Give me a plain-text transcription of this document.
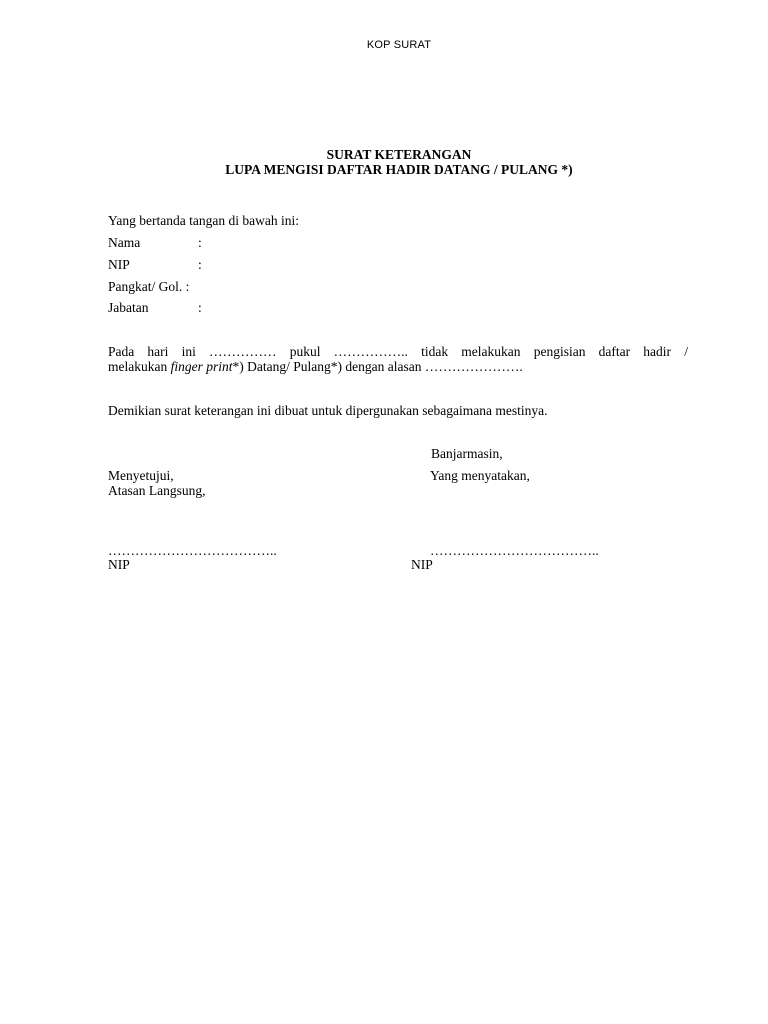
KOP SURAT
SURAT KETERANGAN
LUPA MENGISI DAFTAR HADIR DATANG / PULANG *)
Yang bertanda tangan di bawah ini:
Nama	:
NIP	:
Pangkat/ Gol. :
Jabatan	:
Pada hari ini …………… pukul …………….. tidak melakukan pengisian daftar hadir /
melakukan finger print*) Datang/ Pulang*) dengan alasan ………………….
Demikian surat keterangan ini dibuat untuk dipergunakan sebagaimana mestinya.
Banjarmasin,
Menyetujui,
Atasan Langsung,
Yang menyatakan,
………………………………..	………………………………..
NIP	NIP
